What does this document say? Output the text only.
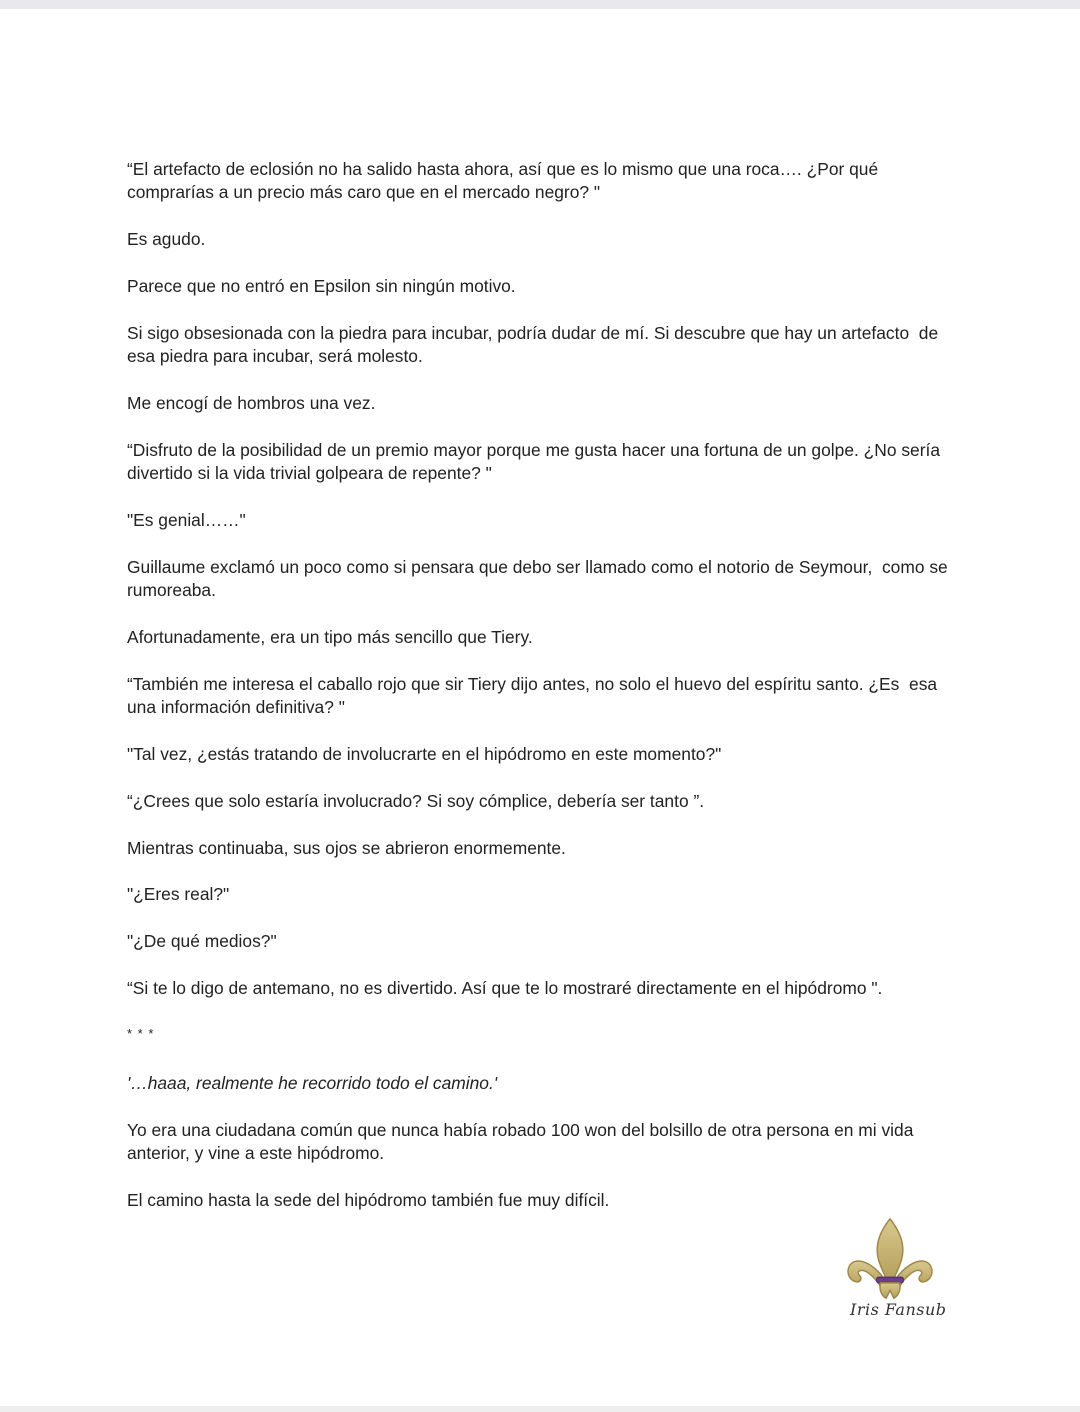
“El artefacto de eclosión no ha salido hasta ahora, así que es lo mismo que una roca…. ¿Por qué comprarías a un precio más caro que en el mercado negro? "

Es agudo.

Parece que no entró en Epsilon sin ningún motivo.

Si sigo obsesionada con la piedra para incubar, podría dudar de mí. Si descubre que hay un artefacto  de esa piedra para incubar, será molesto.

Me encogí de hombros una vez.

“Disfruto de la posibilidad de un premio mayor porque me gusta hacer una fortuna de un golpe. ¿No sería divertido si la vida trivial golpeara de repente? "

"Es genial……"

Guillaume exclamó un poco como si pensara que debo ser llamado como el notorio de Seymour,  como se rumoreaba.

Afortunadamente, era un tipo más sencillo que Tiery.

“También me interesa el caballo rojo que sir Tiery dijo antes, no solo el huevo del espíritu santo. ¿Es  esa una información definitiva? "

"Tal vez, ¿estás tratando de involucrarte en el hipódromo en este momento?"

“¿Crees que solo estaría involucrado? Si soy cómplice, debería ser tanto ”.

Mientras continuaba, sus ojos se abrieron enormemente.

"¿Eres real?"

"¿De qué medios?"

“Si te lo digo de antemano, no es divertido. Así que te lo mostraré directamente en el hipódromo ".

* * *

'…haaa, realmente he recorrido todo el camino.'

Yo era una ciudadana común que nunca había robado 100 won del bolsillo de otra persona en mi vida anterior, y vine a este hipódromo.

El camino hasta la sede del hipódromo también fue muy difícil.

Iris Fansub
